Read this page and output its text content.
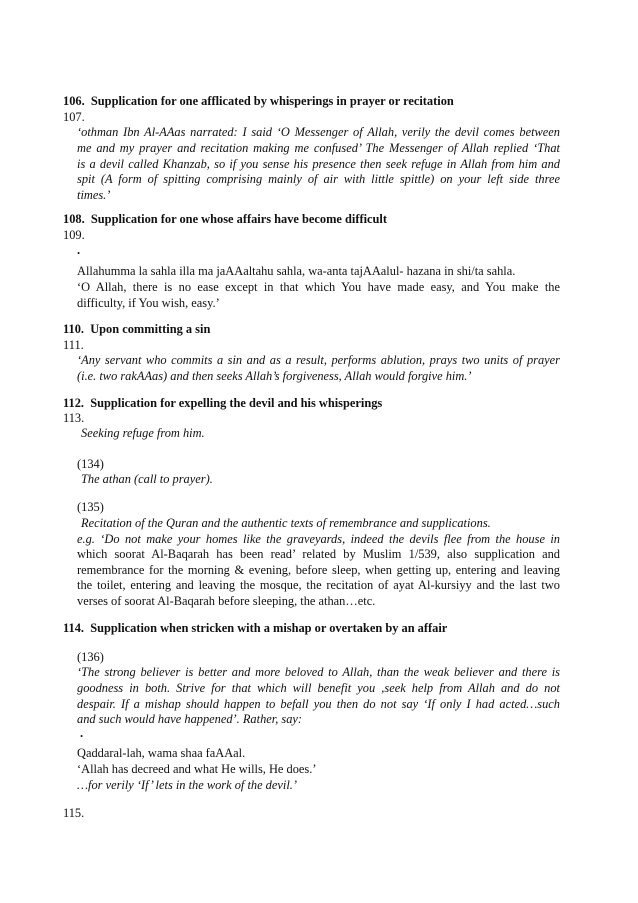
106. Supplication for one afflicated by whisperings in prayer or recitation
107.
‘othman Ibn Al-AAas narrated: I said ‘O Messenger of Allah, verily the devil comes between
me and my prayer and recitation making me confused’ The Messenger of Allah replied ‘That
is a devil called Khanzab, so if you sense his presence then seek refuge in Allah from him and
spit (A form of spitting comprising mainly of air with little spittle) on your left side three
times.’
108. Supplication for one whose affairs have become difficult
109.
.
Allahumma la sahla illa ma jaAAaltahu sahla, wa-anta tajAAalul- hazana in shi/ta sahla.
‘O Allah, there is no ease except in that which You have made easy, and You make the
difficulty, if You wish, easy.’
110. Upon committing a sin
111.
‘Any servant who commits a sin and as a result, performs ablution, prays two units of prayer
(i.e. two rakAAas) and then seeks Allah’s forgiveness, Allah would forgive him.’
112. Supplication for expelling the devil and his whisperings
113.
Seeking refuge from him.
(134)
The athan (call to prayer).
(135)
Recitation of the Quran and the authentic texts of remembrance and supplications.
e.g. ‘Do not make your homes like the graveyards, indeed the devils flee from the house in
which soorat Al-Baqarah has been read’ related by Muslim 1/539, also supplication and
remembrance for the morning & evening, before sleep, when getting up, entering and leaving
the toilet, entering and leaving the mosque, the recitation of ayat Al-kursiyy and the last two
verses of soorat Al-Baqarah before sleeping, the athan…etc.
114. Supplication when stricken with a mishap or overtaken by an affair
(136)
‘The strong believer is better and more beloved to Allah, than the weak believer and there is
goodness in both. Strive for that which will benefit you ,seek help from Allah and do not
despair. If a mishap should happen to befall you then do not say ‘If only I had acted…such
and such would have happened’. Rather, say:
.
Qaddaral-lah, wama shaa faAAal.
‘Allah has decreed and what He wills, He does.’
…for verily ‘If’ lets in the work of the devil.’
115.
